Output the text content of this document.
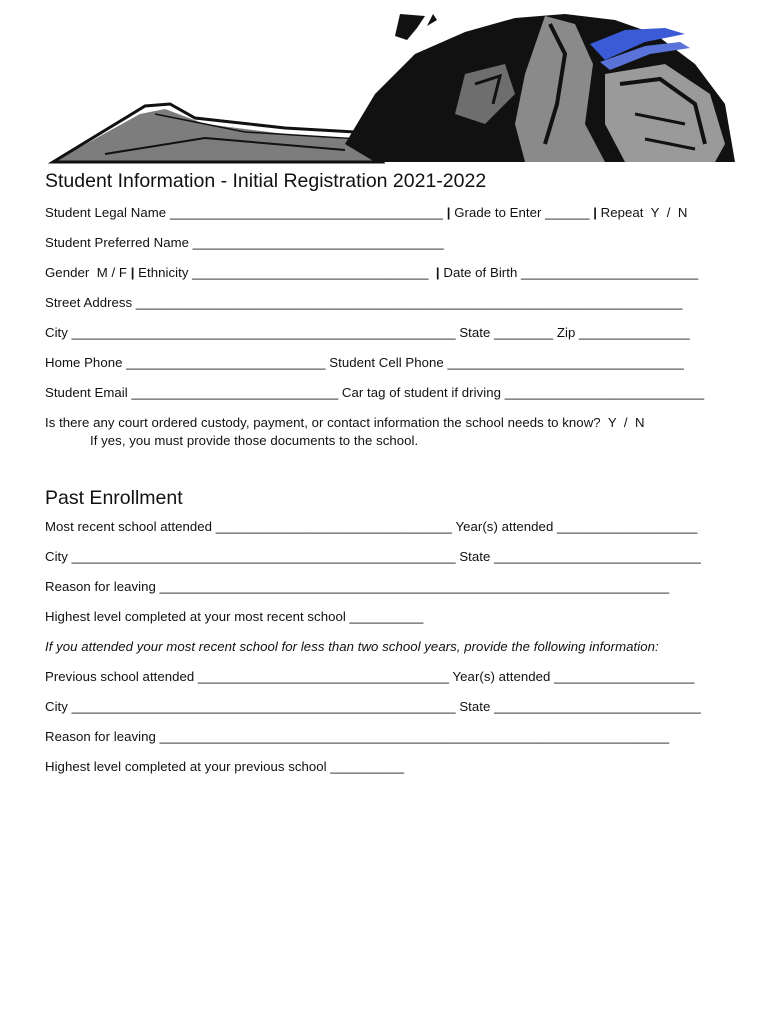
Student Information - Initial Registration 2021-2022
Student Legal Name _____________________________________ | Grade to Enter ______ | Repeat  Y  /  N
Student Preferred Name __________________________________
Gender  M / F | Ethnicity ________________________________  | Date of Birth ________________________
Street Address __________________________________________________________________________
City ____________________________________________________ State ________ Zip _______________
Home Phone ___________________________ Student Cell Phone ________________________________
Student Email ____________________________ Car tag of student if driving ___________________________
Is there any court ordered custody, payment, or contact information the school needs to know?  Y  /  N
If yes, you must provide those documents to the school.
Past Enrollment
Most recent school attended ________________________________ Year(s) attended ___________________
City ____________________________________________________ State ____________________________
Reason for leaving _____________________________________________________________________
Highest level completed at your most recent school __________
If you attended your most recent school for less than two school years, provide the following information:
Previous school attended __________________________________ Year(s) attended ___________________
City ____________________________________________________ State ____________________________
Reason for leaving _____________________________________________________________________
Highest level completed at your previous school __________
